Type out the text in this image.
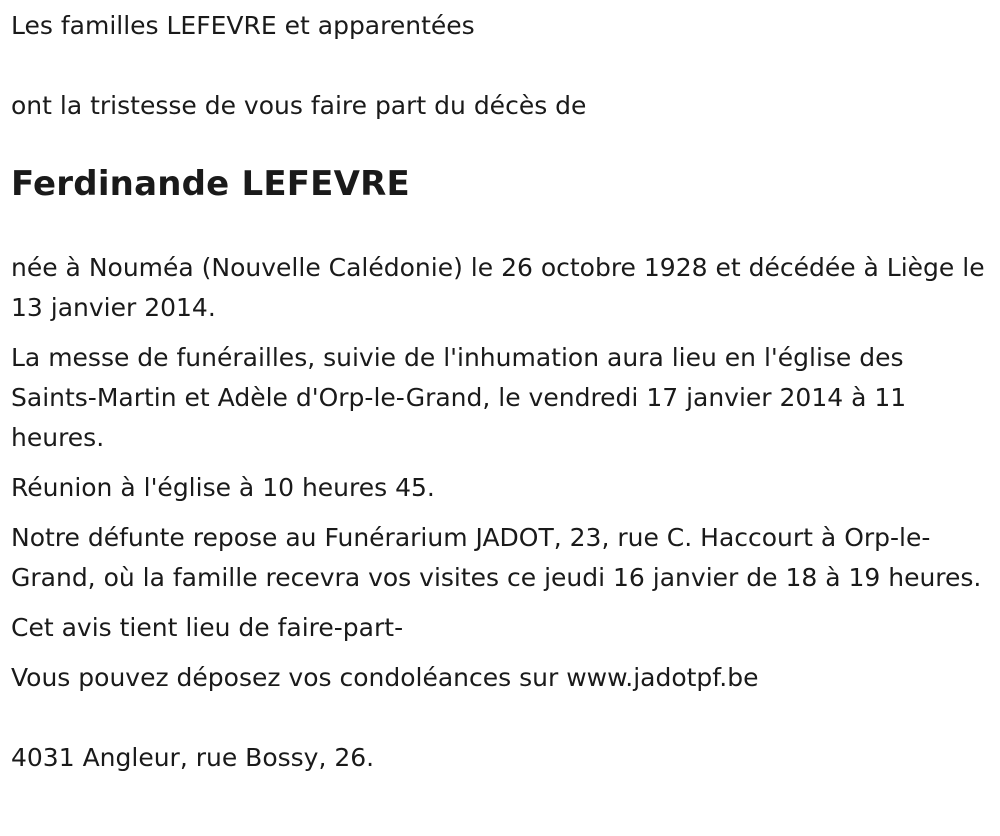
Les familles LEFEVRE et apparentées

ont la tristesse de vous faire part du décès de

Ferdinande LEFEVRE

née à Nouméa (Nouvelle Calédonie) le 26 octobre 1928 et décédée à Liège le 13 janvier 2014.

La messe de funérailles, suivie de l'inhumation aura lieu en l'église des Saints-Martin et Adèle d'Orp-le-Grand, le vendredi 17 janvier 2014 à 11 heures.

Réunion à l'église à 10 heures 45.

Notre défunte repose au Funérarium JADOT, 23, rue C. Haccourt à Orp-le-Grand, où la famille recevra vos visites ce jeudi 16 janvier de 18 à 19 heures.

Cet avis tient lieu de faire-part-

Vous pouvez déposez vos condoléances sur www.jadotpf.be

4031 Angleur, rue Bossy, 26.
